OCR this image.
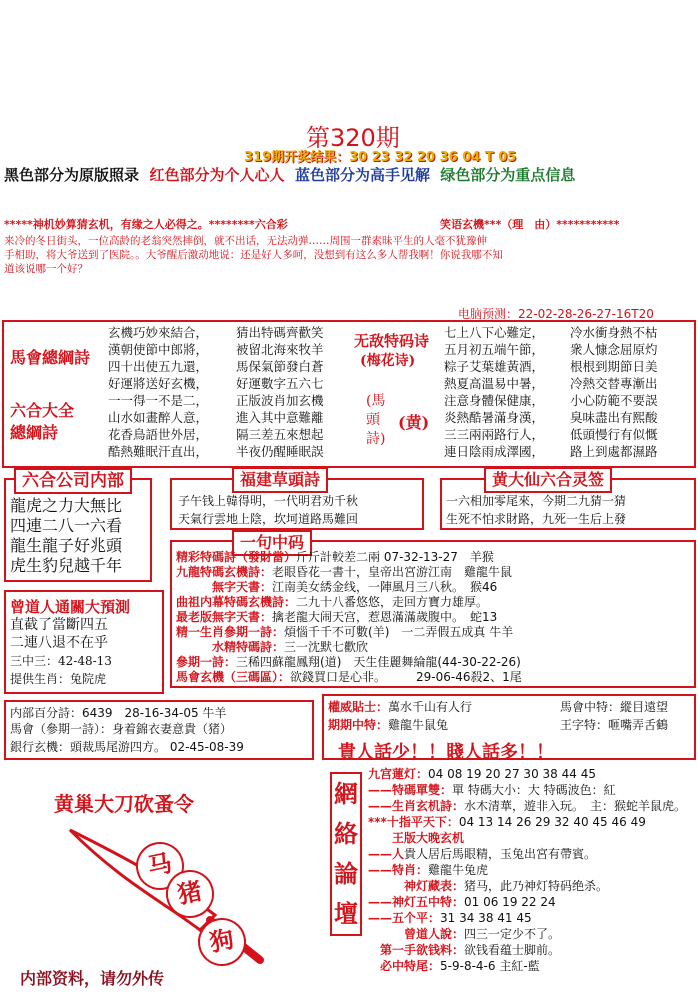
第320期
319期开奖结果：30 23 32 20 36 04 T 05
黑色部分为原版照录 红色部分为个人心人 蓝色部分为高手见解 绿色部分为重点信息
*****神机妙算猜玄机，有缘之人必得之。********六合彩	笑语玄機***（理　由）***********
来冷的冬日街头，一位高龄的老翁突然摔倒，就不出话，无法动弹……周围一群素昧平生的人毫不犹豫伸
手相助，将大爷送到了医院。。大爷醒后激动地说：还是好人多呵，没想到有这么多人帮我啊！你说我哪不知
道该说哪一个好？
电脑预测：22-02-28-26-27-16T20
馬會總綱詩
六合大全總綱詩
玄機巧妙來結合，
漢朝使節中郎將，
四十出使五九還，
好運將送好玄機，
一一得一不是二，
山水如畫醉人意，
花香鳥語世外居，
酷熱難眠汗直出，
猜出特碼齊歡笑
被留北海來牧羊
馬保氣節發白蒼
好運數字五六七
正版波肖加玄機
進入其中意難離
隔三差五來想起
半夜仍醒睡眠誤
无敌特码诗
(梅花诗)
(馬頭詩)
(黄)
七上八下心難定，
五月初五端午節，
粽子艾葉雄黃酒，
熱夏高溫易中暑，
注意身體保健康，
炎熱酷暑滿身漢，
三三兩兩路行人，
連日陰雨成澤國，
冷水衝身熱不枯
衆人慷念屈原灼
根根到期節日美
冷熱交替專漸出
小心防範不要誤
臭味盡出有熙酸
低頭慢行有似慨
路上到處都濕路
六合公司内部
龍虎之力大無比
四連二八一六看
龍生龍子好兆頭
虎生豹兒越千年
福建草頭詩
子午钱上韓得明，一代明君劝千秋
天氣行雲地上陰，坎坷道路馬難回
黄大仙六合灵签
一六相加零尾來，今期二九猜一猜
生死不怕求財路，九死一生后上發
一句中码
精彩特碼詩（發財當）斤斤計較差二兩 07-32-13-27　羊猴
九龍特碼玄機詩：老眼昏花一書十，皇帝出宮游江南　雞龍牛鼠
　　　無字天書：江南美女綉金线，一陣風月三八秋。　猴46
曲祖内幕特碼玄機詩：二九十八番悠悠，走回方寶力雄厚。
最老版無字天書：擒老龍大闹天宫，惹恩滿滿歲腹中。　蛇13
精一生肖參期一詩：煩惱千千不可數(羊)　一二弄假五成真 牛羊
　　　水精特碼詩：三一沈默七歡欣
參期一詩：三稀四蘇龍鳳翔(道)　天生佳麗舞綸龍(44-30-22-26)
馬會玄機（三碼區）：欲錢買口是心非。　　　29-06-46殺2、1尾
曾道人通關大預測
直截了當斷四五
二連八退不在乎
三中三：42-48-13
提供生肖：兔院虎
内部百分詩：6439　28-16-34-05 牛羊
馬會（參期一詩）：身着錦衣妻意貴（猪）
銀行玄機：頭裁馬尾游四方。 02-45-08-39
權威貼士：萬水千山有人行
期期中特：雞龍牛鼠兔
馬會中特：縱目遠望
王字特：咂嘴弄舌鶴
貴人話少！！賤人話多！！
黄巢大刀砍蚤令
马
猪
狗
内部资料，请勿外传
網絡論壇
九宫蓮灯：04 08 19 20 27 30 38 44 45
——特碼單雙：單 特碼大小：大 特碼波色：紅
——生肖玄机詩：水木清華，遊非入玩。　主：猴蛇羊鼠虎。
***十指平天下：04 13 14 26 29 32 40 45 46 49
　　王版大晚玄机
——人貴人居后馬眼精，玉兔出宮有帶賓。
——特肖：雞龍牛兔虎
　　　神灯藏表：猪马，此乃神灯特码绝杀。
——神灯五中特：01 06 19 22 24
——五个平：31 34 38 41 45
　　　曾道人說：四三一定少不了。
　第一手欲钱料：欲钱看蕴士脚前。
　必中特尾：5-9-8-4-6 主紅-藍
